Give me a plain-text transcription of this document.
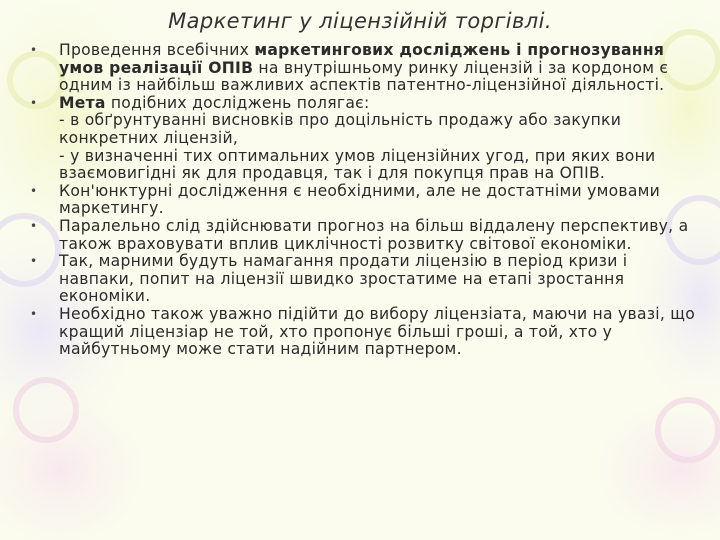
Маркетинг у ліцензійній торгівлі.
• Проведення всебічних маркетингових досліджень і прогнозування умов реалізації ОПІВ на внутрішньому ринку ліцензій і за кордоном є одним із найбільш важливих аспектів патентно-ліцензійної діяльності.
• Мета подібних досліджень полягає:
- в обґрунтуванні висновків про доцільність продажу або закупки конкретних ліцензій,
- у визначенні тих оптимальних умов ліцензійних угод, при яких вони взаємовигідні як для продавця, так і для покупця прав на ОПІВ.
• Кон'юнктурні дослідження є необхідними, але не достатніми умовами маркетингу.
• Паралельно слід здійснювати прогноз на більш віддалену перспективу, а також враховувати вплив циклічності розвитку світової економіки.
• Так, марними будуть намагання продати ліцензію в період кризи і навпаки, попит на ліцензії швидко зростатиме на етапі зростання економіки.
• Необхідно також уважно підійти до вибору ліцензіата, маючи на увазі, що кращий ліцензіар не той, хто пропонує більші гроші, а той, хто у майбутньому може стати надійним партнером.
